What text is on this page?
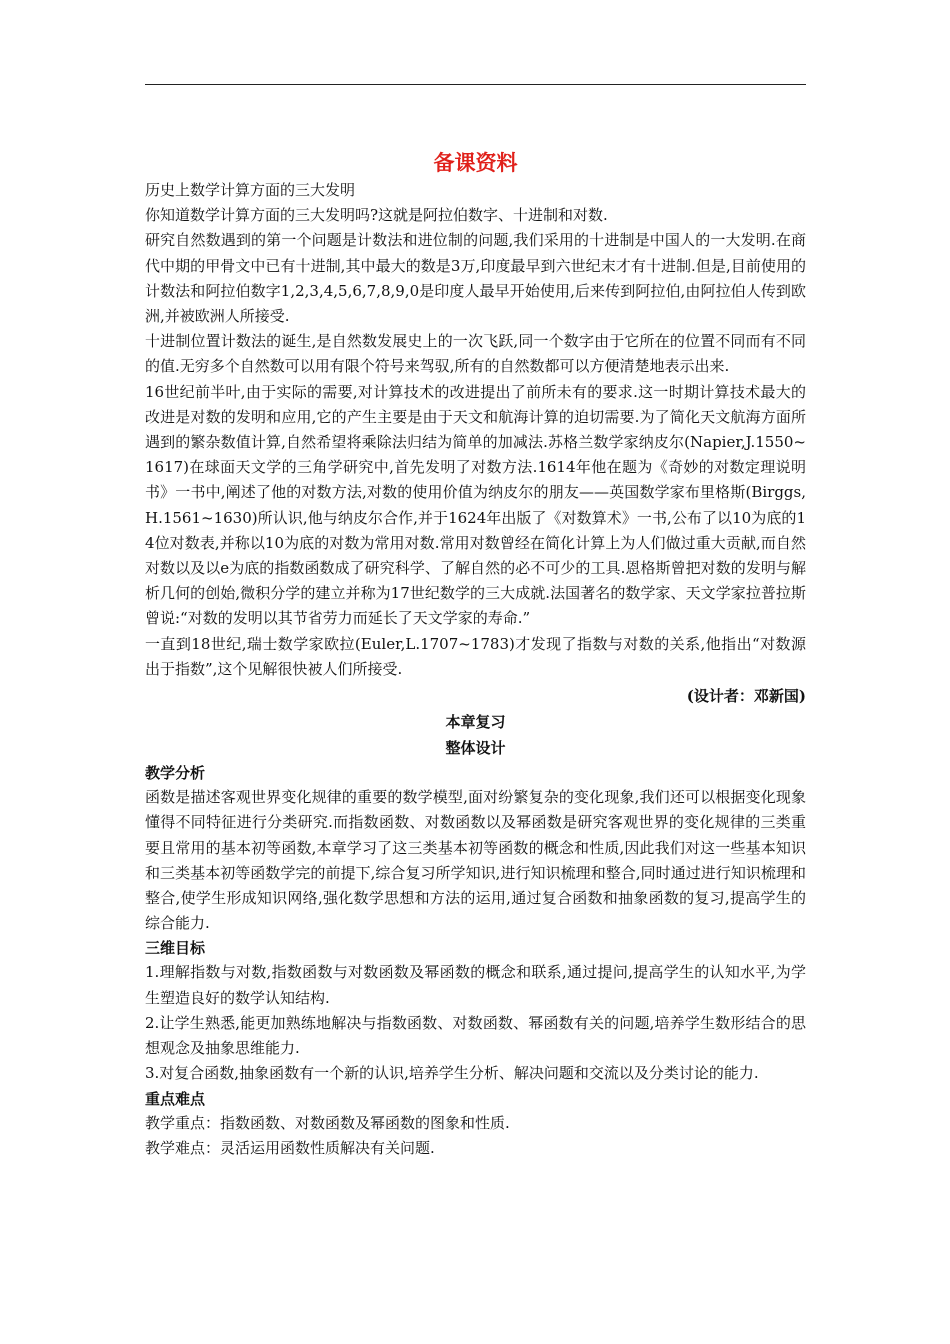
备课资料

历史上数学计算方面的三大发明

你知道数学计算方面的三大发明吗?这就是阿拉伯数字、十进制和对数.

研究自然数遇到的第一个问题是计数法和进位制的问题,我们采用的十进制是中国人的一大发明.在商代中期的甲骨文中已有十进制,其中最大的数是3万,印度最早到六世纪末才有十进制.但是,目前使用的计数法和阿拉伯数字1,2,3,4,5,6,7,8,9,0是印度人最早开始使用,后来传到阿拉伯,由阿拉伯人传到欧洲,并被欧洲人所接受.

十进制位置计数法的诞生,是自然数发展史上的一次飞跃,同一个数字由于它所在的位置不同而有不同的值.无穷多个自然数可以用有限个符号来驾驭,所有的自然数都可以方便清楚地表示出来.

16世纪前半叶,由于实际的需要,对计算技术的改进提出了前所未有的要求.这一时期计算技术最大的改进是对数的发明和应用,它的产生主要是由于天文和航海计算的迫切需要.为了简化天文航海方面所遇到的繁杂数值计算,自然希望将乘除法归结为简单的加减法.苏格兰数学家纳皮尔(Napier,J.1550~1617)在球面天文学的三角学研究中,首先发明了对数方法.1614年他在题为《奇妙的对数定理说明书》一书中,阐述了他的对数方法,对数的使用价值为纳皮尔的朋友——英国数学家布里格斯(Birggs,H.1561~1630)所认识,他与纳皮尔合作,并于1624年出版了《对数算术》一书,公布了以10为底的14位对数表,并称以10为底的对数为常用对数.常用对数曾经在简化计算上为人们做过重大贡献,而自然对数以及以e为底的指数函数成了研究科学、了解自然的必不可少的工具.恩格斯曾把对数的发明与解析几何的创始,微积分学的建立并称为17世纪数学的三大成就.法国著名的数学家、天文学家拉普拉斯曾说:“对数的发明以其节省劳力而延长了天文学家的寿命.”

一直到18世纪,瑞士数学家欧拉(Euler,L.1707~1783)才发现了指数与对数的关系,他指出“对数源出于指数”,这个见解很快被人们所接受.

(设计者：邓新国)

本章复习
整体设计
教学分析

函数是描述客观世界变化规律的重要的数学模型,面对纷繁复杂的变化现象,我们还可以根据变化现象懂得不同特征进行分类研究.而指数函数、对数函数以及幂函数是研究客观世界的变化规律的三类重要且常用的基本初等函数,本章学习了这三类基本初等函数的概念和性质,因此我们对这一些基本知识和三类基本初等函数学完的前提下,综合复习所学知识,进行知识梳理和整合,同时通过进行知识梳理和整合,使学生形成知识网络,强化数学思想和方法的运用,通过复合函数和抽象函数的复习,提高学生的综合能力.

三维目标

1.理解指数与对数,指数函数与对数函数及幂函数的概念和联系,通过提问,提高学生的认知水平,为学生塑造良好的数学认知结构.

2.让学生熟悉,能更加熟练地解决与指数函数、对数函数、幂函数有关的问题,培养学生数形结合的思想观念及抽象思维能力.

3.对复合函数,抽象函数有一个新的认识,培养学生分析、解决问题和交流以及分类讨论的能力.

重点难点

教学重点：指数函数、对数函数及幂函数的图象和性质.

教学难点：灵活运用函数性质解决有关问题.
